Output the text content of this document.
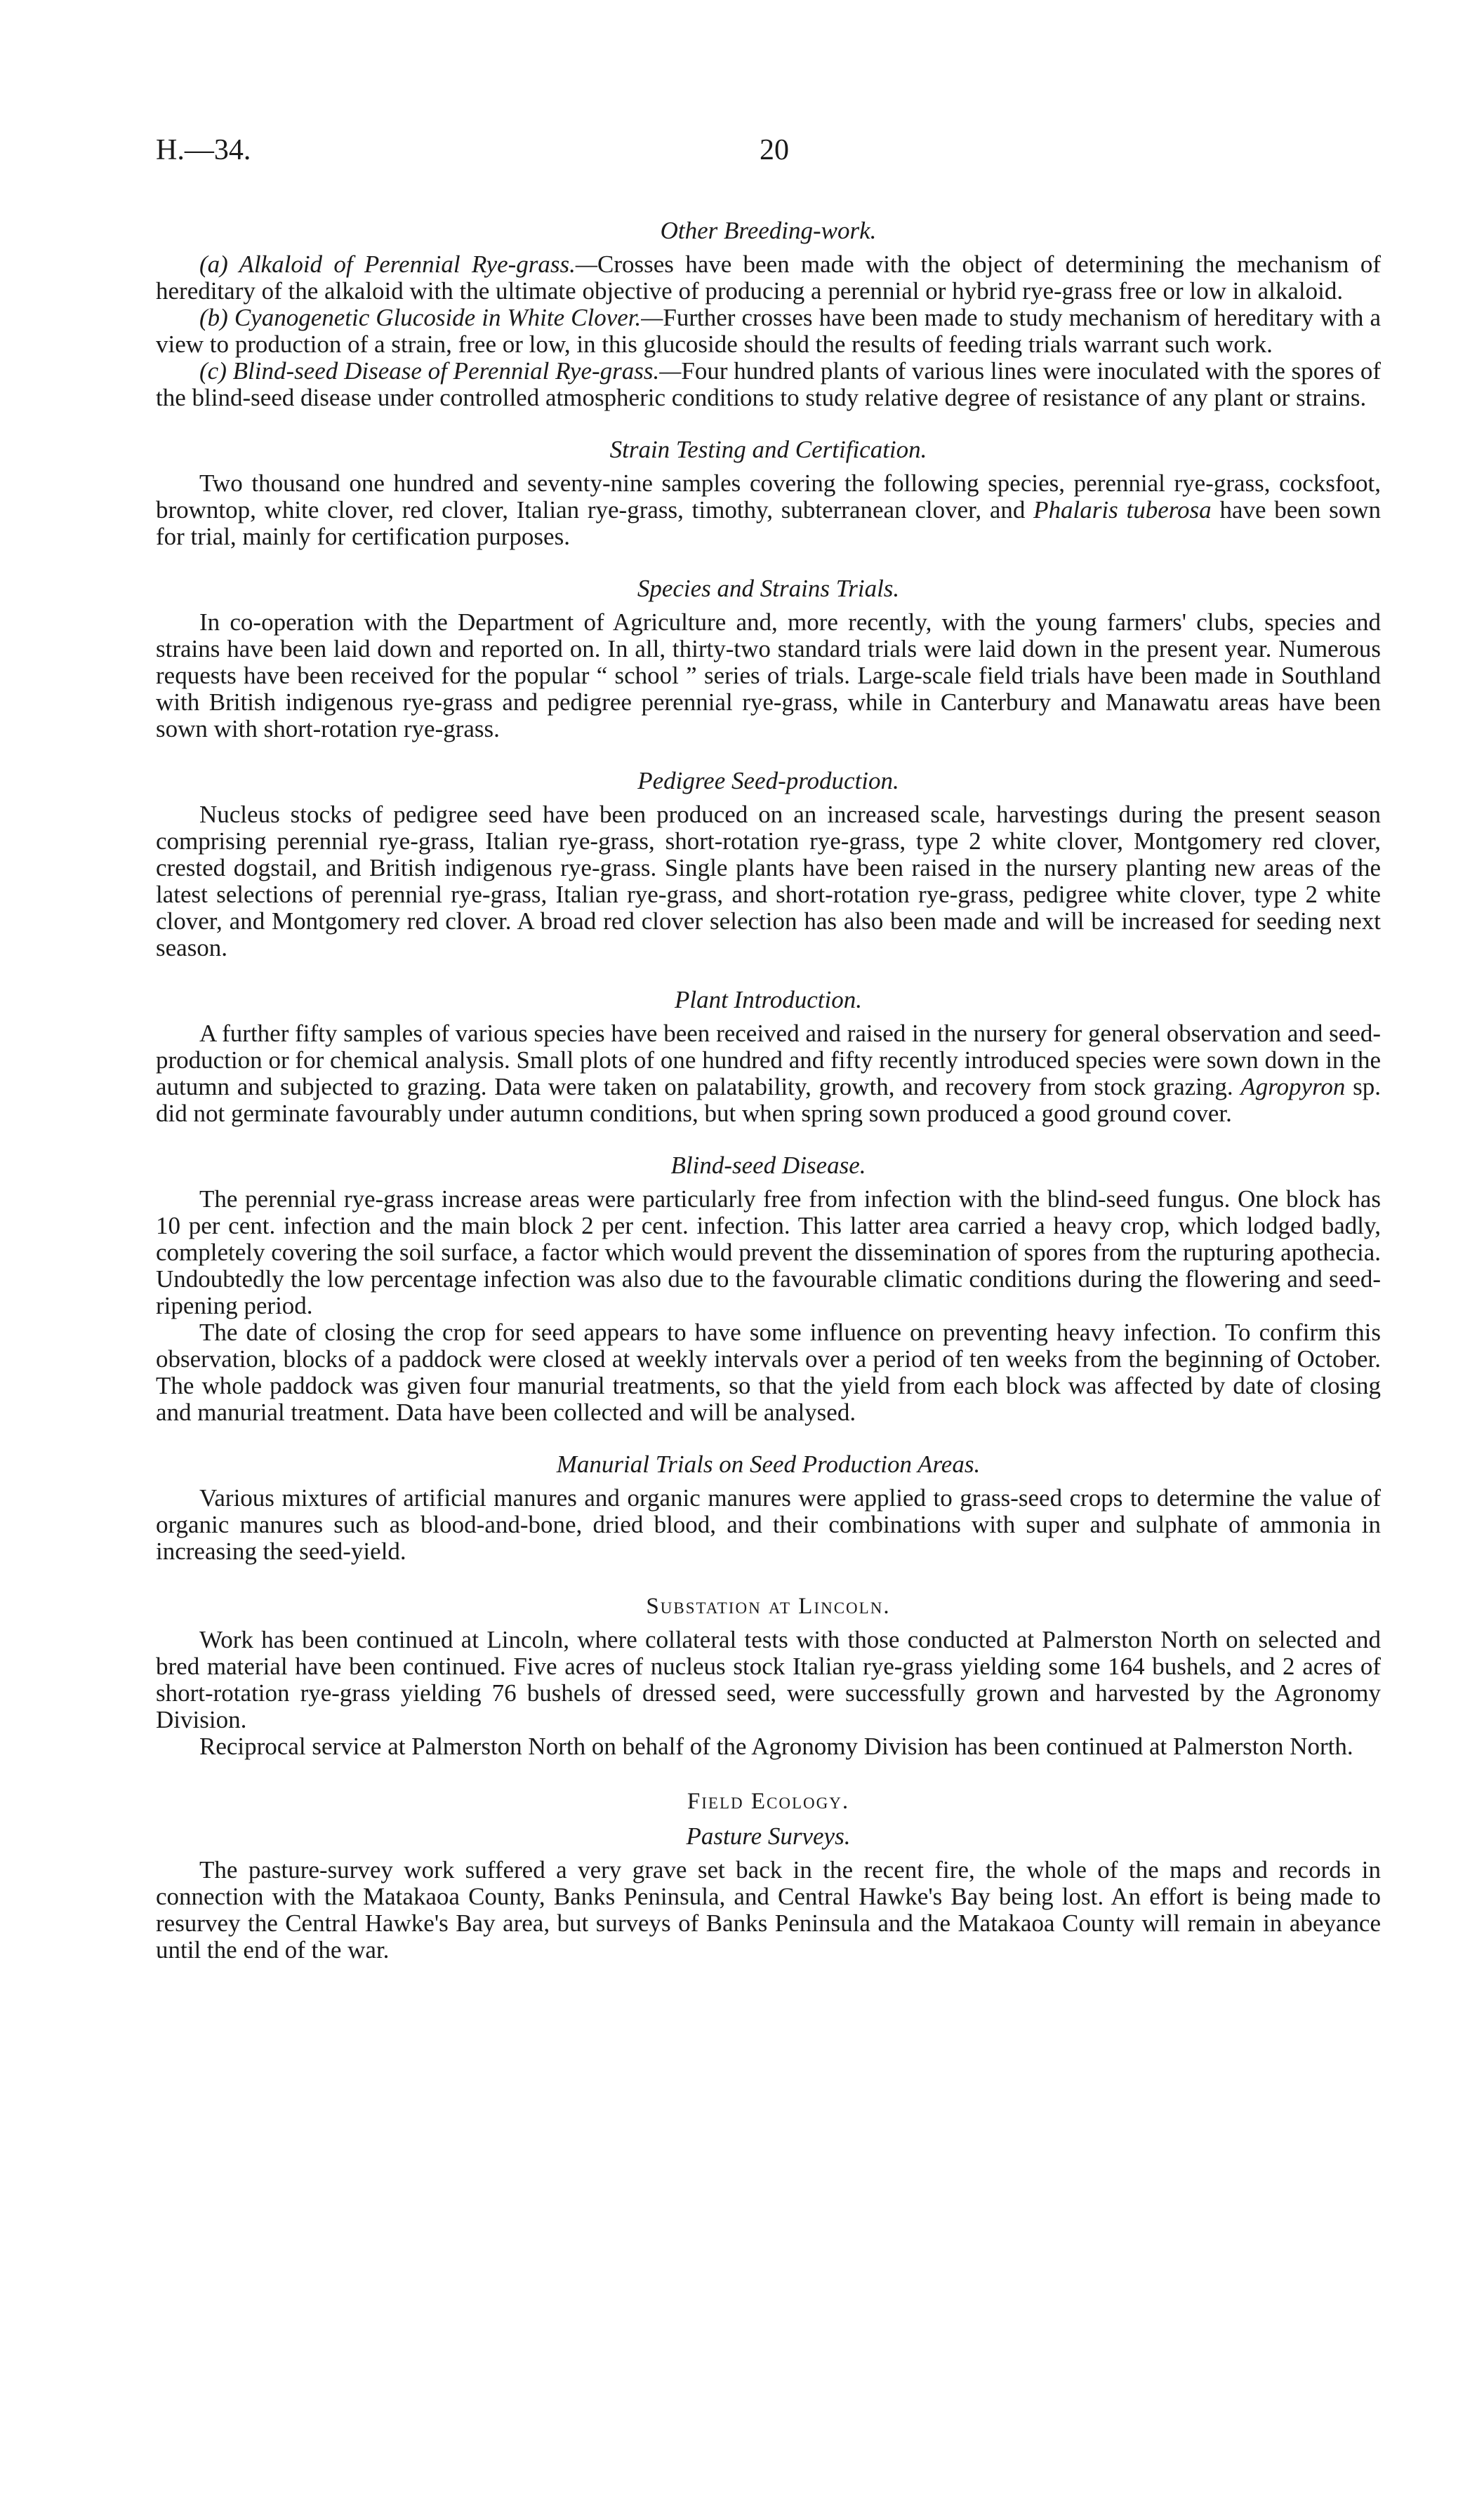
H.—34.	20
Other Breeding-work.

(a) Alkaloid of Perennial Rye-grass.—Crosses have been made with the object of determining the mechanism of hereditary of the alkaloid with the ultimate objective of producing a perennial or hybrid rye-grass free or low in alkaloid.

(b) Cyanogenetic Glucoside in White Clover.—Further crosses have been made to study mechanism of hereditary with a view to production of a strain, free or low, in this glucoside should the results of feeding trials warrant such work.

(c) Blind-seed Disease of Perennial Rye-grass.—Four hundred plants of various lines were inoculated with the spores of the blind-seed disease under controlled atmospheric conditions to study relative degree of resistance of any plant or strains.

Strain Testing and Certification.

Two thousand one hundred and seventy-nine samples covering the following species, perennial rye-grass, cocksfoot, browntop, white clover, red clover, Italian rye-grass, timothy, subterranean clover, and Phalaris tuberosa have been sown for trial, mainly for certification purposes.

Species and Strains Trials.

In co-operation with the Department of Agriculture and, more recently, with the young farmers' clubs, species and strains have been laid down and reported on. In all, thirty-two standard trials were laid down in the present year. Numerous requests have been received for the popular “ school ” series of trials. Large-scale field trials have been made in Southland with British indigenous rye-grass and pedigree perennial rye-grass, while in Canterbury and Manawatu areas have been sown with short-rotation rye-grass.

Pedigree Seed-production.

Nucleus stocks of pedigree seed have been produced on an increased scale, harvestings during the present season comprising perennial rye-grass, Italian rye-grass, short-rotation rye-grass, type 2 white clover, Montgomery red clover, crested dogstail, and British indigenous rye-grass. Single plants have been raised in the nursery planting new areas of the latest selections of perennial rye-grass, Italian rye-grass, and short-rotation rye-grass, pedigree white clover, type 2 white clover, and Montgomery red clover. A broad red clover selection has also been made and will be increased for seeding next season.

Plant Introduction.

A further fifty samples of various species have been received and raised in the nursery for general observation and seed-production or for chemical analysis. Small plots of one hundred and fifty recently introduced species were sown down in the autumn and subjected to grazing. Data were taken on palatability, growth, and recovery from stock grazing. Agropyron sp. did not germinate favourably under autumn conditions, but when spring sown produced a good ground cover.

Blind-seed Disease.

The perennial rye-grass increase areas were particularly free from infection with the blind-seed fungus. One block has 10 per cent. infection and the main block 2 per cent. infection. This latter area carried a heavy crop, which lodged badly, completely covering the soil surface, a factor which would prevent the dissemination of spores from the rupturing apothecia. Undoubtedly the low percentage infection was also due to the favourable climatic conditions during the flowering and seed-ripening period.

The date of closing the crop for seed appears to have some influence on preventing heavy infection. To confirm this observation, blocks of a paddock were closed at weekly intervals over a period of ten weeks from the beginning of October. The whole paddock was given four manurial treatments, so that the yield from each block was affected by date of closing and manurial treatment. Data have been collected and will be analysed.

Manurial Trials on Seed Production Areas.

Various mixtures of artificial manures and organic manures were applied to grass-seed crops to determine the value of organic manures such as blood-and-bone, dried blood, and their combinations with super and sulphate of ammonia in increasing the seed-yield.

Substation at Lincoln.

Work has been continued at Lincoln, where collateral tests with those conducted at Palmerston North on selected and bred material have been continued. Five acres of nucleus stock Italian rye-grass yielding some 164 bushels, and 2 acres of short-rotation rye-grass yielding 76 bushels of dressed seed, were successfully grown and harvested by the Agronomy Division.

Reciprocal service at Palmerston North on behalf of the Agronomy Division has been continued at Palmerston North.

Field Ecology.
Pasture Surveys.

The pasture-survey work suffered a very grave set back in the recent fire, the whole of the maps and records in connection with the Matakaoa County, Banks Peninsula, and Central Hawke's Bay being lost. An effort is being made to resurvey the Central Hawke's Bay area, but surveys of Banks Peninsula and the Matakaoa County will remain in abeyance until the end of the war.
